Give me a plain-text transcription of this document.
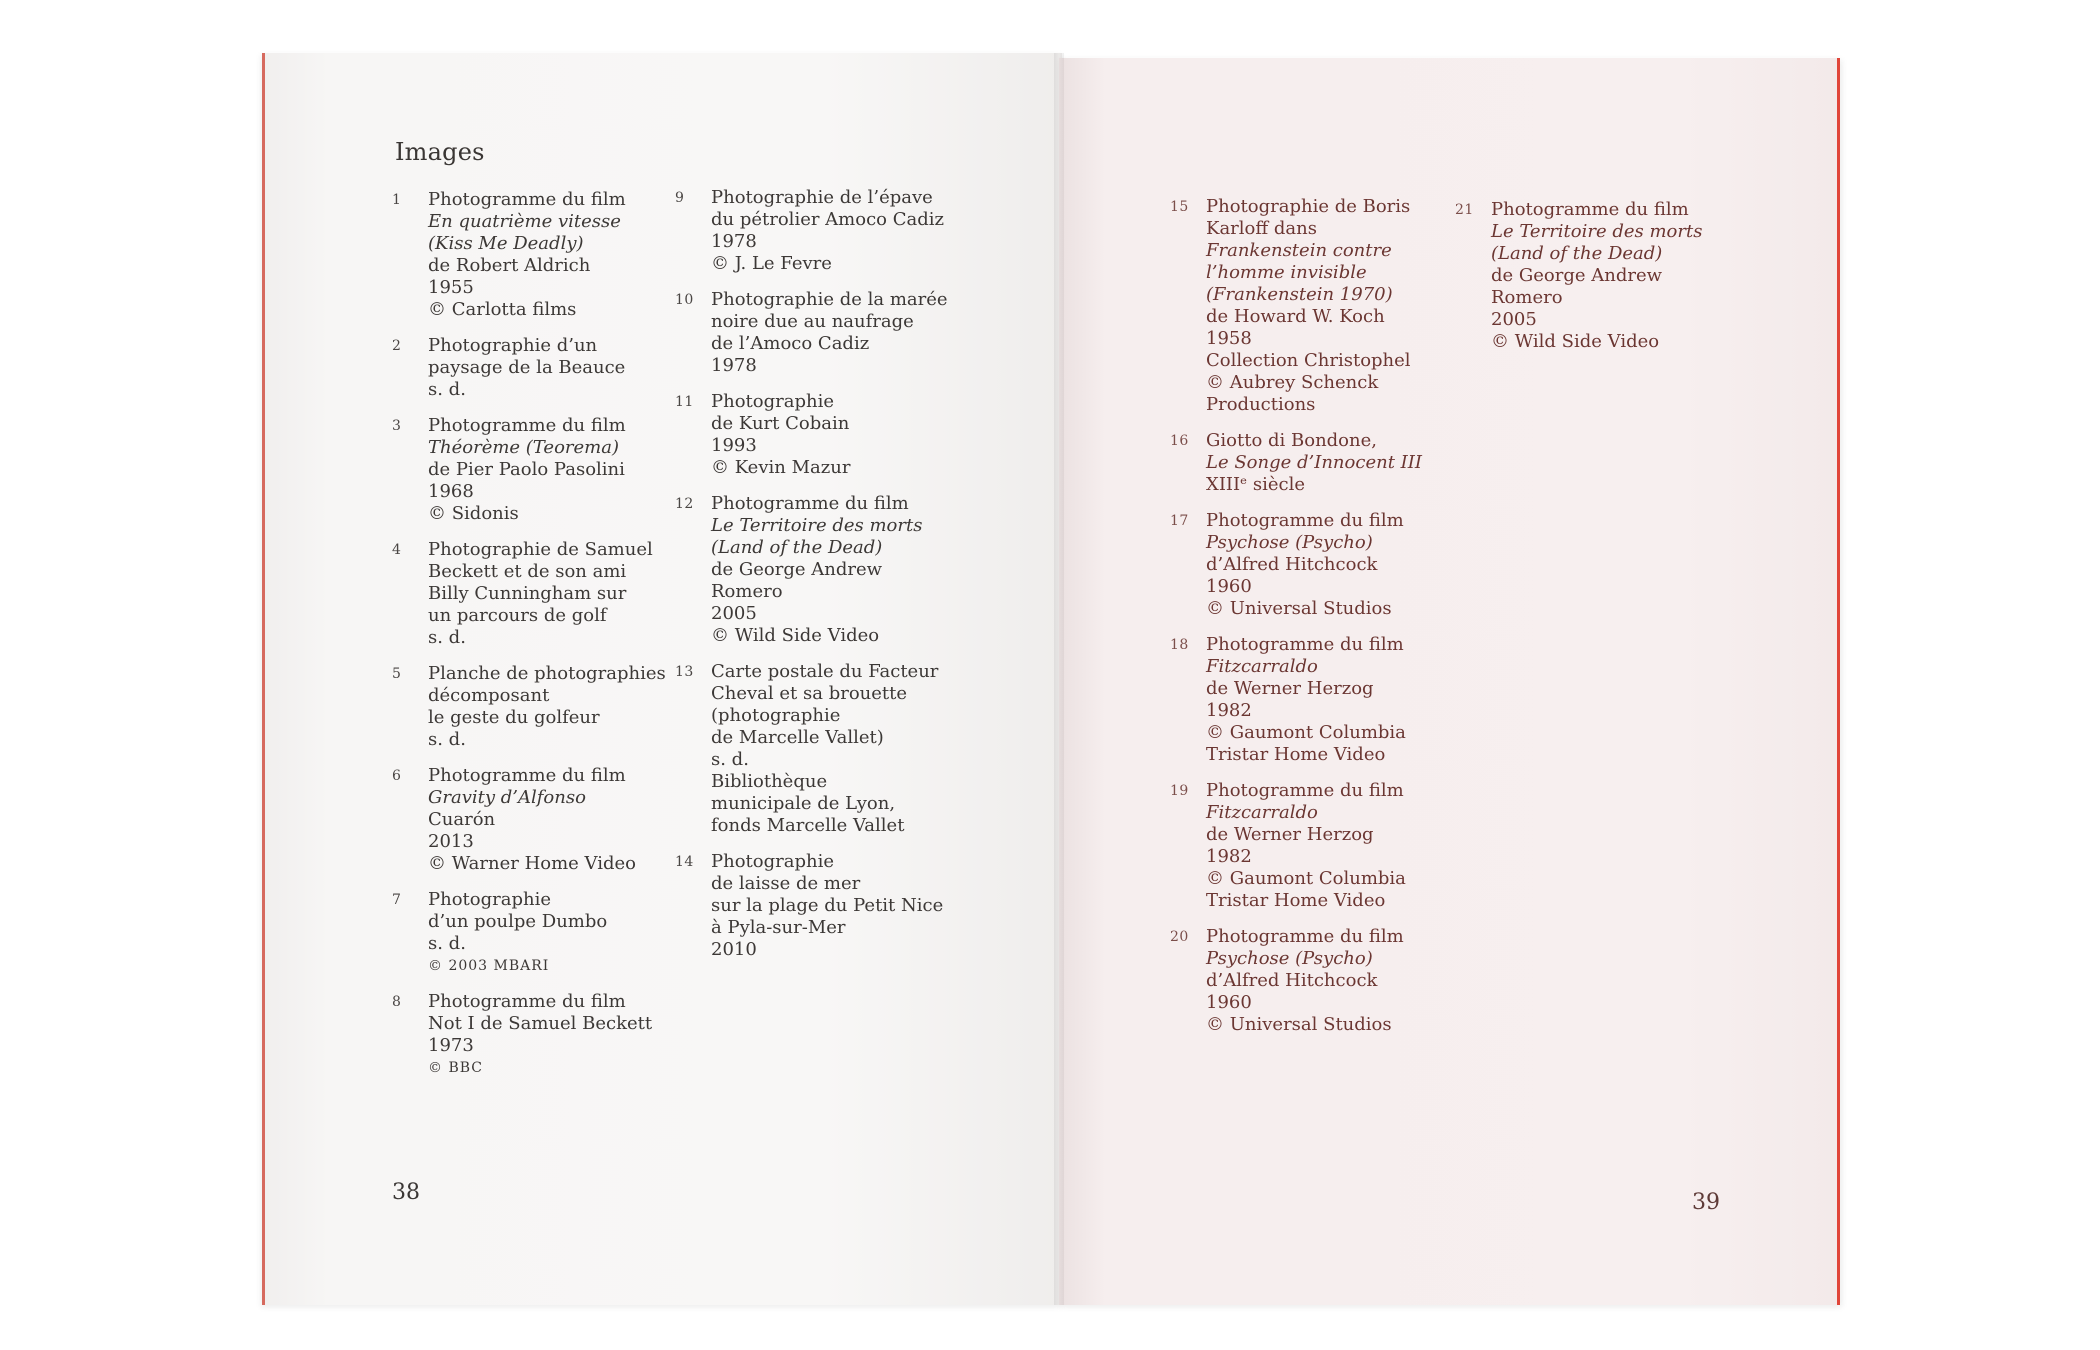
Images
1 Photogramme du film
En quatrième vitesse
(Kiss Me Deadly)
de Robert Aldrich
1955
© Carlotta films
2 Photographie d’un
paysage de la Beauce
s. d.
3 Photogramme du film
Théorème (Teorema)
de Pier Paolo Pasolini
1968
© Sidonis
4 Photographie de Samuel
Beckett et de son ami
Billy Cunningham sur
un parcours de golf
s. d.
5 Planche de photographies
décomposant
le geste du golfeur
s. d.
6 Photogramme du film
Gravity d’Alfonso
Cuarón
2013
© Warner Home Video
7 Photographie
d’un poulpe Dumbo
s. d.
© 2003 MBARI
8 Photogramme du film
Not I de Samuel Beckett
1973
© BBC
9 Photographie de l’épave
du pétrolier Amoco Cadiz
1978
© J. Le Fevre
10 Photographie de la marée
noire due au naufrage
de l’Amoco Cadiz
1978
11 Photographie
de Kurt Cobain
1993
© Kevin Mazur
12 Photogramme du film
Le Territoire des morts
(Land of the Dead)
de George Andrew
Romero
2005
© Wild Side Video
13 Carte postale du Facteur
Cheval et sa brouette
(photographie
de Marcelle Vallet)
s. d.
Bibliothèque
municipale de Lyon,
fonds Marcelle Vallet
14 Photographie
de laisse de mer
sur la plage du Petit Nice
à Pyla-sur-Mer
2010
15 Photographie de Boris
Karloff dans
Frankenstein contre
l’homme invisible
(Frankenstein 1970)
de Howard W. Koch
1958
Collection Christophel
© Aubrey Schenck
Productions
16 Giotto di Bondone,
Le Songe d’Innocent III
XIIIᵉ siècle
17 Photogramme du film
Psychose (Psycho)
d’Alfred Hitchcock
1960
© Universal Studios
18 Photogramme du film
Fitzcarraldo
de Werner Herzog
1982
© Gaumont Columbia
Tristar Home Video
19 Photogramme du film
Fitzcarraldo
de Werner Herzog
1982
© Gaumont Columbia
Tristar Home Video
20 Photogramme du film
Psychose (Psycho)
d’Alfred Hitchcock
1960
© Universal Studios
21 Photogramme du film
Le Territoire des morts
(Land of the Dead)
de George Andrew
Romero
2005
© Wild Side Video
38	39
